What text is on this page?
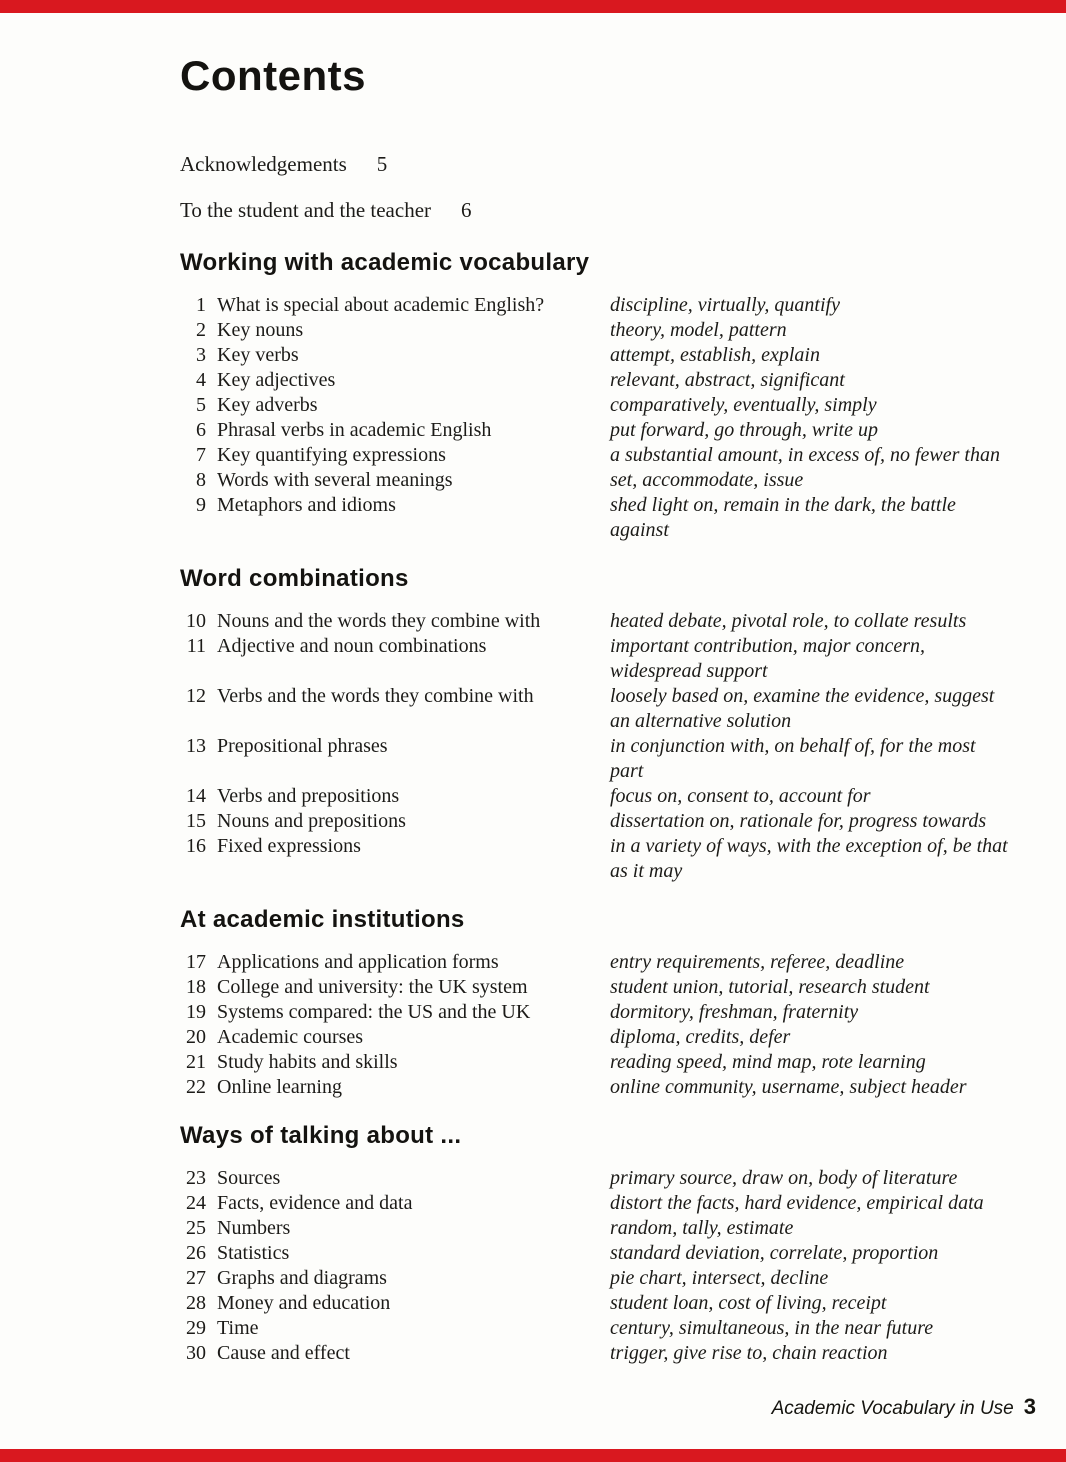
Contents
Acknowledgements 5
To the student and the teacher 6
Working with academic vocabulary
1 What is special about academic English?	discipline, virtually, quantify
2 Key nouns	theory, model, pattern
3 Key verbs	attempt, establish, explain
4 Key adjectives	relevant, abstract, significant
5 Key adverbs	comparatively, eventually, simply
6 Phrasal verbs in academic English	put forward, go through, write up
7 Key quantifying expressions	a substantial amount, in excess of, no fewer than
8 Words with several meanings	set, accommodate, issue
9 Metaphors and idioms	shed light on, remain in the dark, the battle against
Word combinations
10 Nouns and the words they combine with	heated debate, pivotal role, to collate results
11 Adjective and noun combinations	important contribution, major concern, widespread support
12 Verbs and the words they combine with	loosely based on, examine the evidence, suggest an alternative solution
13 Prepositional phrases	in conjunction with, on behalf of, for the most part
14 Verbs and prepositions	focus on, consent to, account for
15 Nouns and prepositions	dissertation on, rationale for, progress towards
16 Fixed expressions	in a variety of ways, with the exception of, be that as it may
At academic institutions
17 Applications and application forms	entry requirements, referee, deadline
18 College and university: the UK system	student union, tutorial, research student
19 Systems compared: the US and the UK	dormitory, freshman, fraternity
20 Academic courses	diploma, credits, defer
21 Study habits and skills	reading speed, mind map, rote learning
22 Online learning	online community, username, subject header
Ways of talking about ...
23 Sources	primary source, draw on, body of literature
24 Facts, evidence and data	distort the facts, hard evidence, empirical data
25 Numbers	random, tally, estimate
26 Statistics	standard deviation, correlate, proportion
27 Graphs and diagrams	pie chart, intersect, decline
28 Money and education	student loan, cost of living, receipt
29 Time	century, simultaneous, in the near future
30 Cause and effect	trigger, give rise to, chain reaction
Academic Vocabulary in Use 3
